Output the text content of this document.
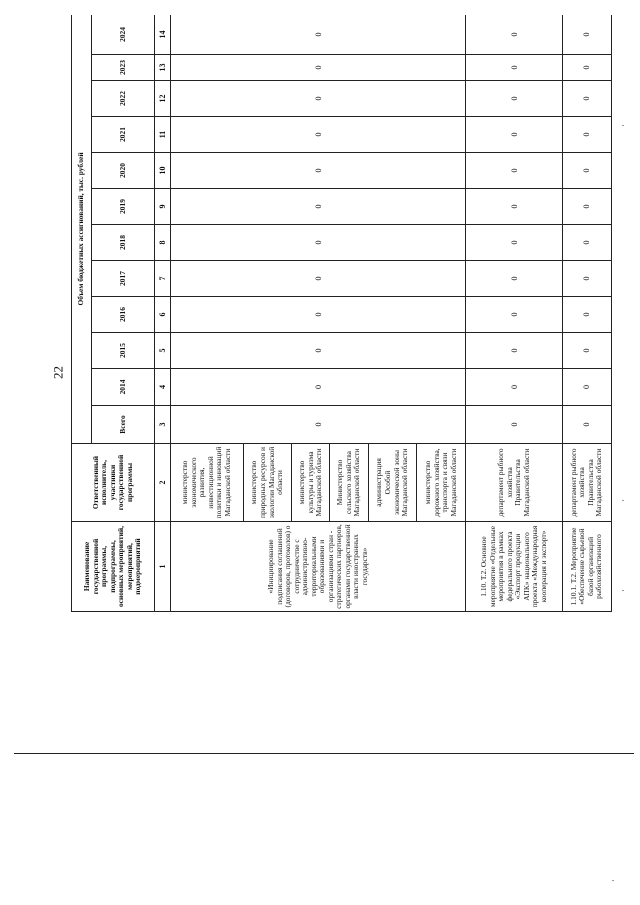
22
Наименование государственной программы, подпрограммы, основных мероприятий, мероприятий, подмероприятий	Ответственный исполнитель, участники государственной программы	Объем бюджетных ассигнований, тыс. рублей											
		Всего	2014	2015	2016	2017	2018	2019	2020	2021	2022	2023	2024
1	2	3	4	5	6	7	8	9	10	11	12	13	14
«Инициирование подписания соглашений (договоров, протоколов) о сотрудничестве с административно-территориальными образованиями и организациями стран - стратегических партнеров, органами государственной власти иностранных государств»	министерство экономического развития, инвестиционной политики и инноваций Магаданской области	0	0	0	0	0	0	0	0	0	0	0	0
	министерство природных ресурсов и экологии Магаданской области												
	министерство культуры и туризма Магаданской области												
	Министерство сельского хозяйства Магаданской области												
	администрация Особой экономической зоны Магаданской области												
	министерство дорожного хозяйства, транспорта и связи Магаданской области												
1.10. Т.2. Основное мероприятие «Отдельные мероприятия в рамках федерального проекта «Экспорт продукции АПК» национального проекта «Международная кооперация и экспорт»	департамент рыбного хозяйства Правительства Магаданской области	0	0	0	0	0	0	0	0	0	0	0	0
1.10.1. Т.2. Мероприятие «Обеспечение сырьевой базой организаций рыбохозяйственного	департамент рыбного хозяйства Правительства Магаданской области	0	0	0	0	0	0	0	0	0	0	0	0
